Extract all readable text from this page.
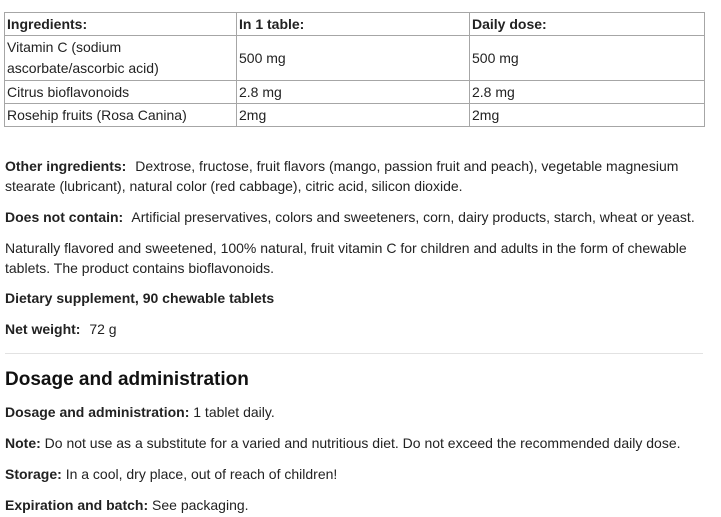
Ingredients:	In 1 table:	Daily dose:
Vitamin C (sodium ascorbate/ascorbic acid)	500 mg	500 mg
Citrus bioflavonoids	2.8 mg	2.8 mg
Rosehip fruits (Rosa Canina)	2mg	2mg

Other ingredients: Dextrose, fructose, fruit flavors (mango, passion fruit and peach), vegetable magnesium stearate (lubricant), natural color (red cabbage), citric acid, silicon dioxide.

Does not contain: Artificial preservatives, colors and sweeteners, corn, dairy products, starch, wheat or yeast.

Naturally flavored and sweetened, 100% natural, fruit vitamin C for children and adults in the form of chewable tablets. The product contains bioflavonoids.

Dietary supplement, 90 chewable tablets

Net weight: 72 g

Dosage and administration

Dosage and administration: 1 tablet daily.

Note: Do not use as a substitute for a varied and nutritious diet. Do not exceed the recommended daily dose.

Storage: In a cool, dry place, out of reach of children!

Expiration and batch: See packaging.
